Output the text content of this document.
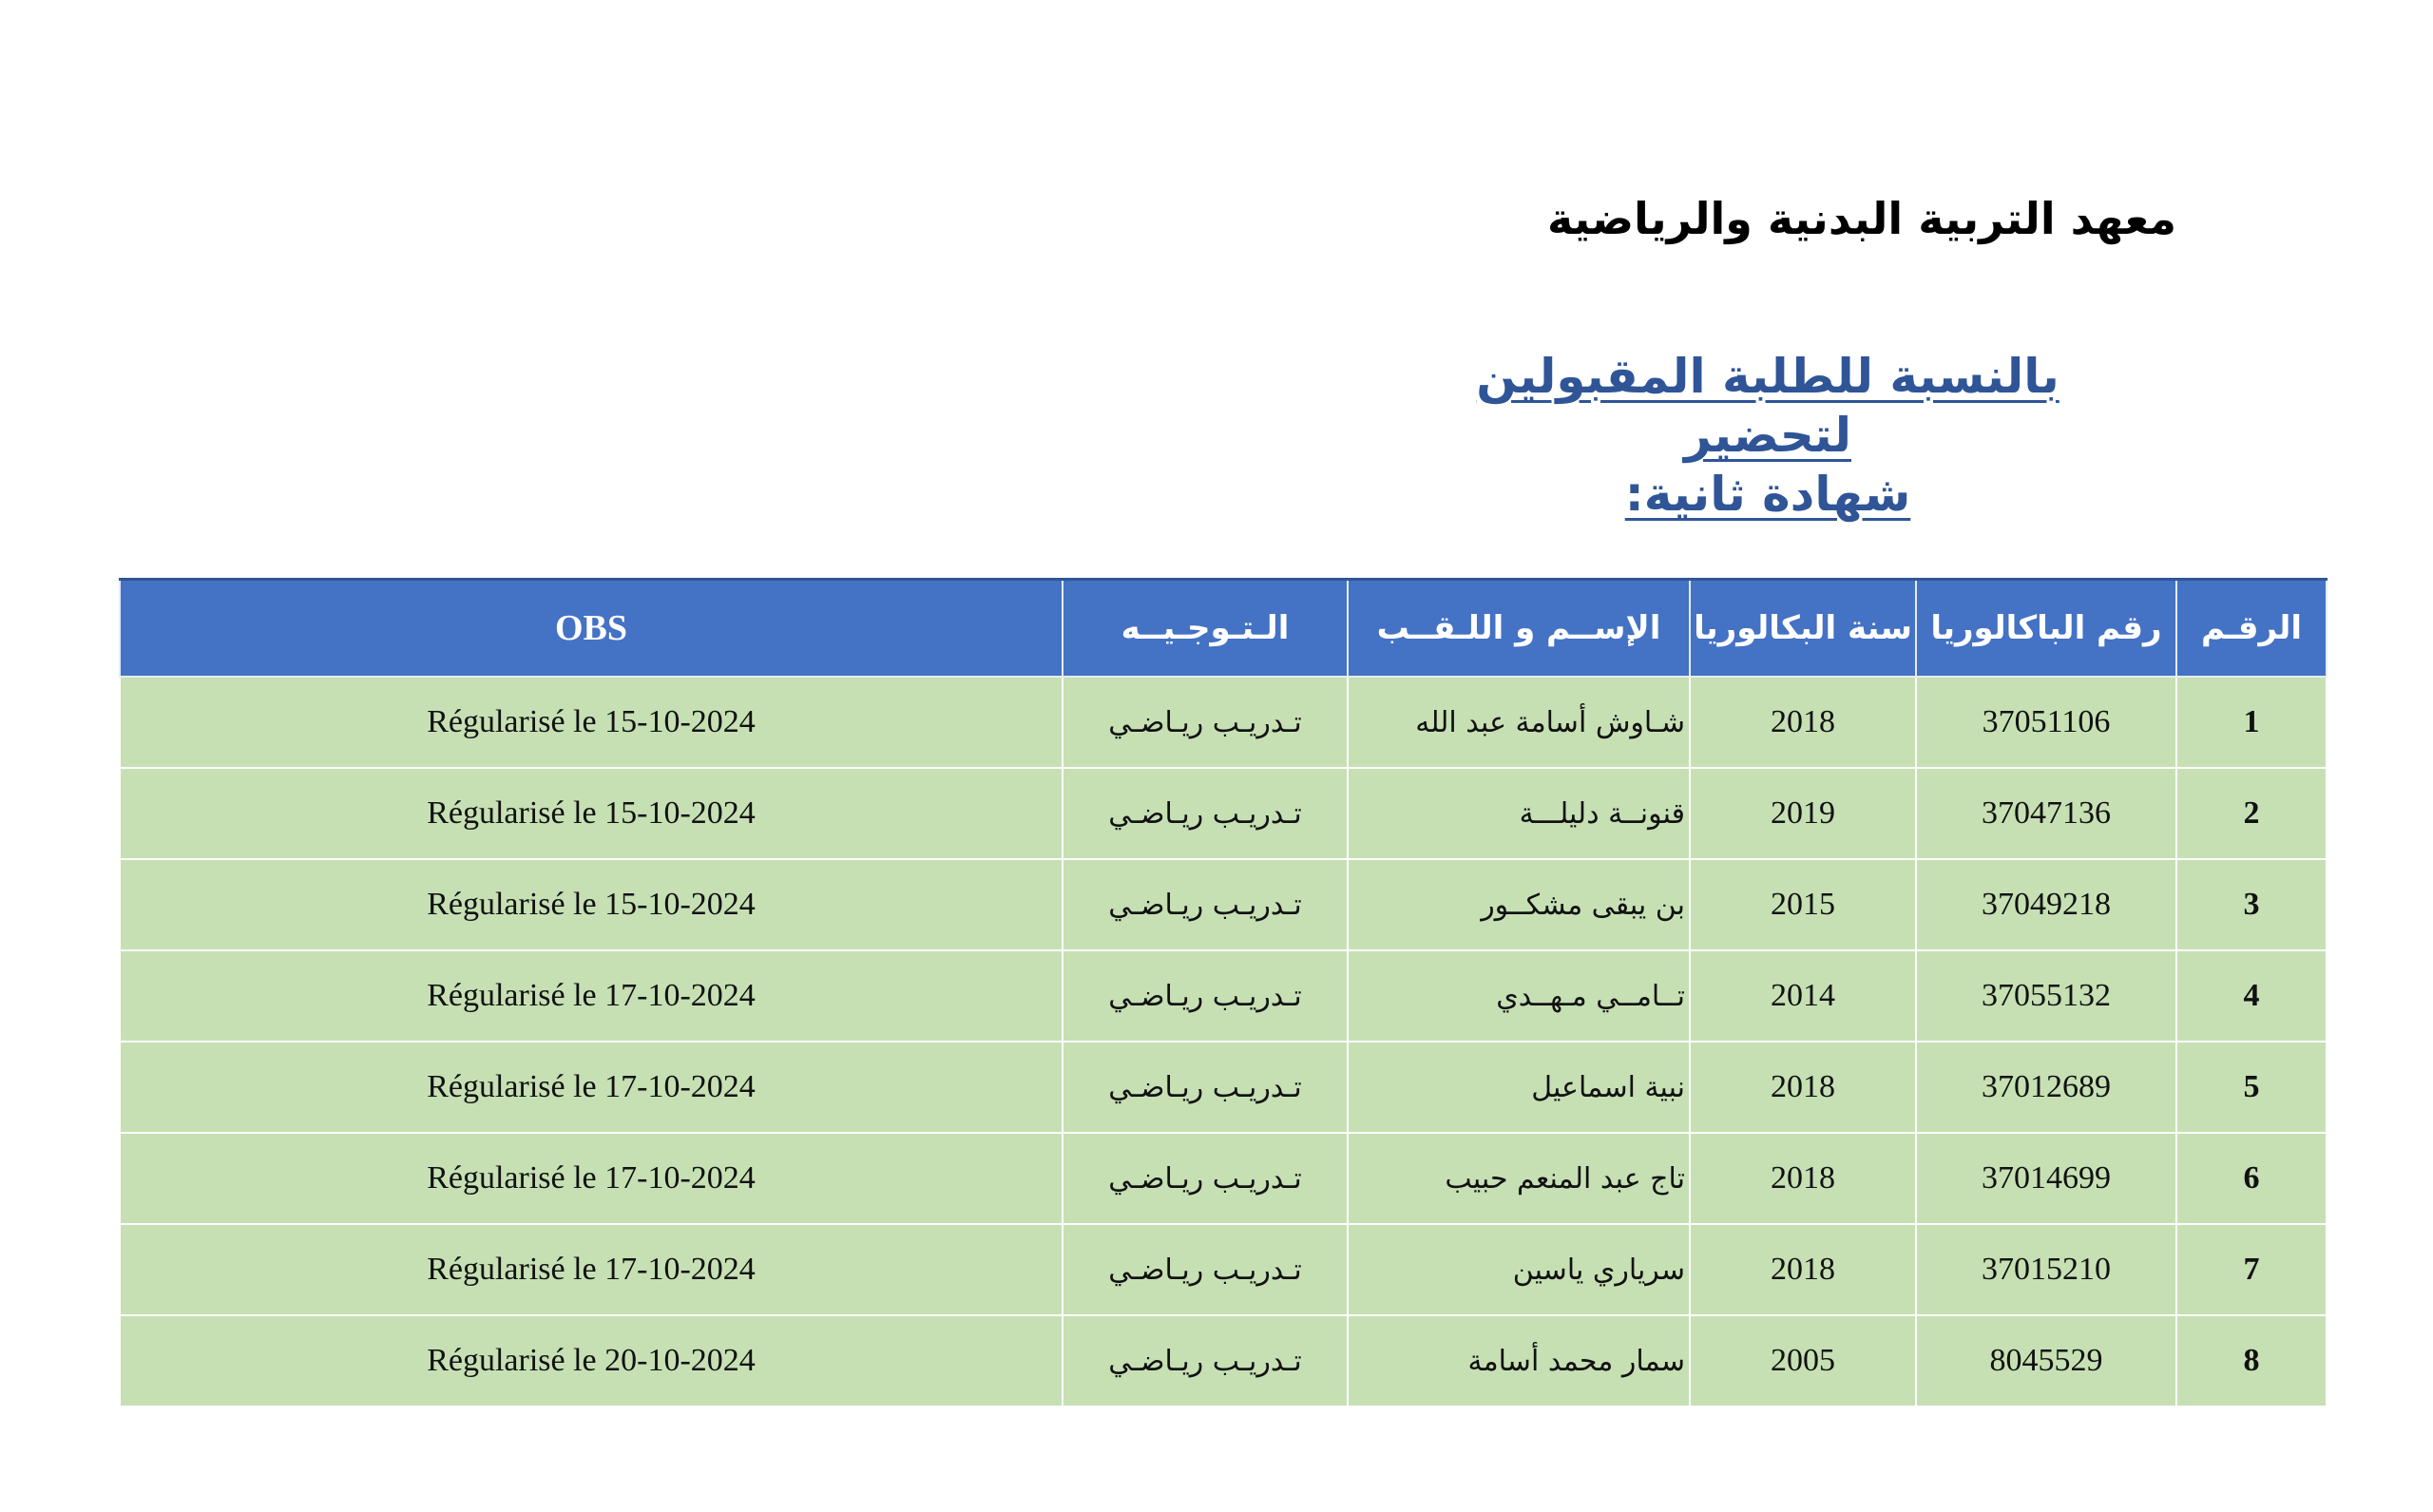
معهد التربية البدنية والرياضية
بالنسبة للطلبة المقبولين لتحضير
شهادة ثانية:
الرقـم	رقم الباكالوريا	سنة البكالوريا	الإســم و اللـقــب	الـتـوجـيــه	OBS
1	37051106	2018	شـاوش أسامة عبد الله	تـدريـب ريـاضـي	Régularisé le 15-10-2024
2	37047136	2019	قنونــة دليلـــة	تـدريـب ريـاضـي	Régularisé le 15-10-2024
3	37049218	2015	بن يبقى مشكــور	تـدريـب ريـاضـي	Régularisé le 15-10-2024
4	37055132	2014	تــامــي مـهــدي	تـدريـب ريـاضـي	Régularisé le 17-10-2024
5	37012689	2018	نبية اسماعيل	تـدريـب ريـاضـي	Régularisé le 17-10-2024
6	37014699	2018	تاج عبد المنعم حبيب	تـدريـب ريـاضـي	Régularisé le 17-10-2024
7	37015210	2018	سرياري ياسين	تـدريـب ريـاضـي	Régularisé le 17-10-2024
8	8045529	2005	سمار محمد أسامة	تـدريـب ريـاضـي	Régularisé le 20-10-2024
